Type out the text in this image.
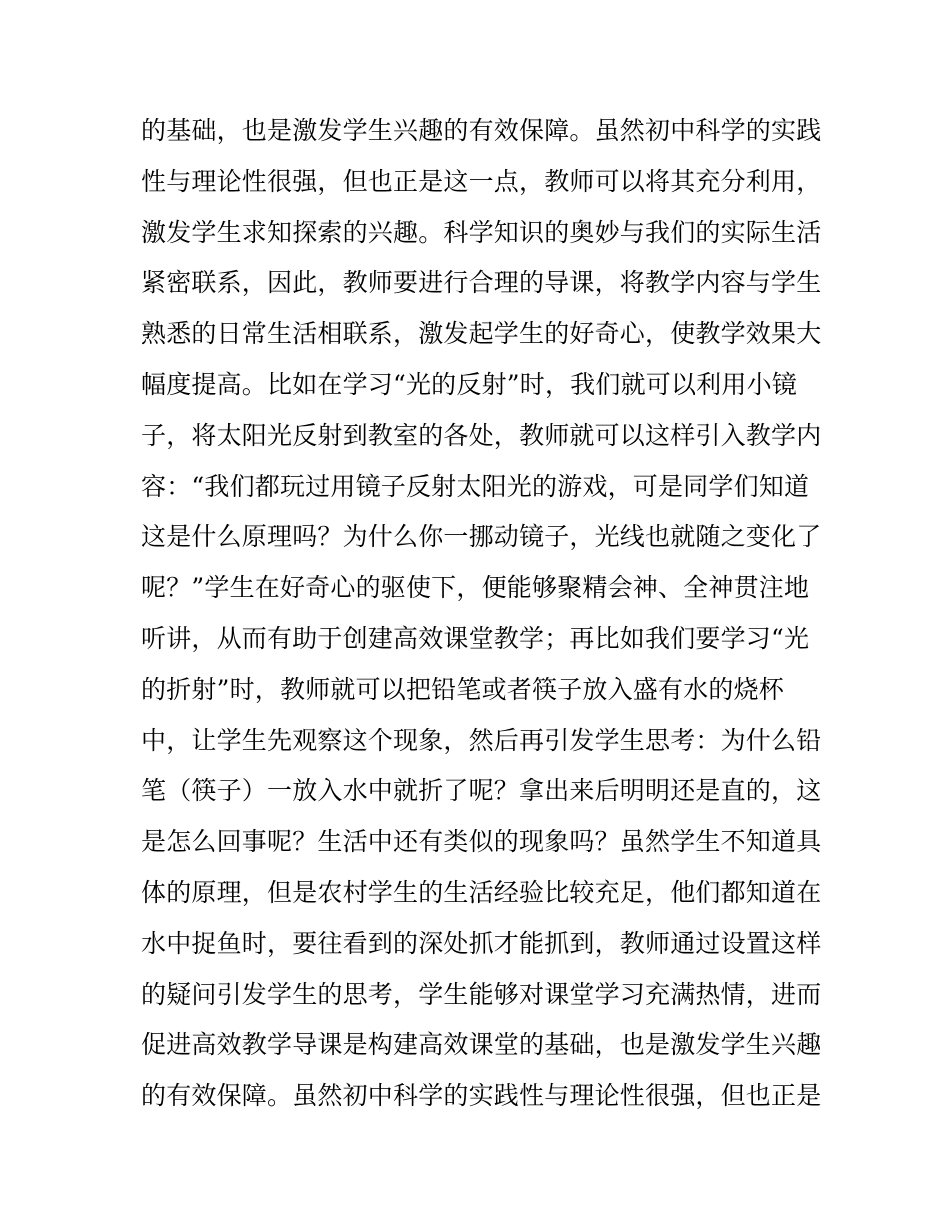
的基础，也是激发学生兴趣的有效保障。虽然初中科学的实践
性与理论性很强，但也正是这一点，教师可以将其充分利用，
激发学生求知探索的兴趣。科学知识的奥妙与我们的实际生活
紧密联系，因此，教师要进行合理的导课，将教学内容与学生
熟悉的日常生活相联系，激发起学生的好奇心，使教学效果大
幅度提高。比如在学习“光的反射”时，我们就可以利用小镜
子，将太阳光反射到教室的各处，教师就可以这样引入教学内
容：“我们都玩过用镜子反射太阳光的游戏，可是同学们知道
这是什么原理吗？为什么你一挪动镜子，光线也就随之变化了
呢？”学生在好奇心的驱使下，便能够聚精会神、全神贯注地
听讲，从而有助于创建高效课堂教学；再比如我们要学习“光
的折射”时，教师就可以把铅笔或者筷子放入盛有水的烧杯
中，让学生先观察这个现象，然后再引发学生思考：为什么铅
笔（筷子）一放入水中就折了呢？拿出来后明明还是直的，这
是怎么回事呢？生活中还有类似的现象吗？虽然学生不知道具
体的原理，但是农村学生的生活经验比较充足，他们都知道在
水中捉鱼时，要往看到的深处抓才能抓到，教师通过设置这样
的疑问引发学生的思考，学生能够对课堂学习充满热情，进而
促进高效教学导课是构建高效课堂的基础，也是激发学生兴趣
的有效保障。虽然初中科学的实践性与理论性很强，但也正是
